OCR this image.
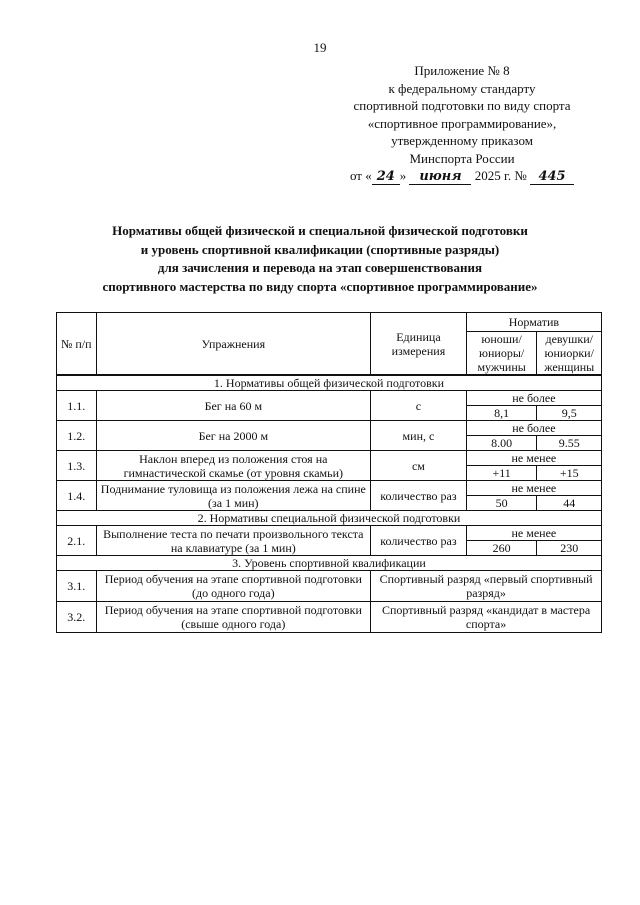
19
Приложение № 8
к федеральному стандарту
спортивной подготовки по виду спорта
«спортивное программирование»,
утвержденному приказом
Минспорта России
от « 24 » июня 2025 г. № 445
Нормативы общей физической и специальной физической подготовки
и уровень спортивной квалификации (спортивные разряды)
для зачисления и перевода на этап совершенствования
спортивного мастерства по виду спорта «спортивное программирование»
№ п/п	Упражнения	Единица измерения	Норматив	
			юноши/ юниоры/ мужчины	девушки/ юниорки/ женщины
1. Нормативы общей физической подготовки				
1.1.	Бег на 60 м	с	не более	
			8,1	9,5
1.2.	Бег на 2000 м	мин, с	не более	
			8.00	9.55
1.3.	Наклон вперед из положения стоя на гимнастической скамье (от уровня скамьи)	см	не менее	
			+11	+15
1.4.	Поднимание туловища из положения лежа на спине (за 1 мин)	количество раз	не менее	
			50	44
2. Нормативы специальной физической подготовки				
2.1.	Выполнение теста по печати произвольного текста на клавиатуре (за 1 мин)	количество раз	не менее	
			260	230
3. Уровень спортивной квалификации				
3.1.	Период обучения на этапе спортивной подготовки (до одного года)	Спортивный разряд «первый спортивный разряд»		
3.2.	Период обучения на этапе спортивной подготовки (свыше одного года)	Спортивный разряд «кандидат в мастера спорта»		
